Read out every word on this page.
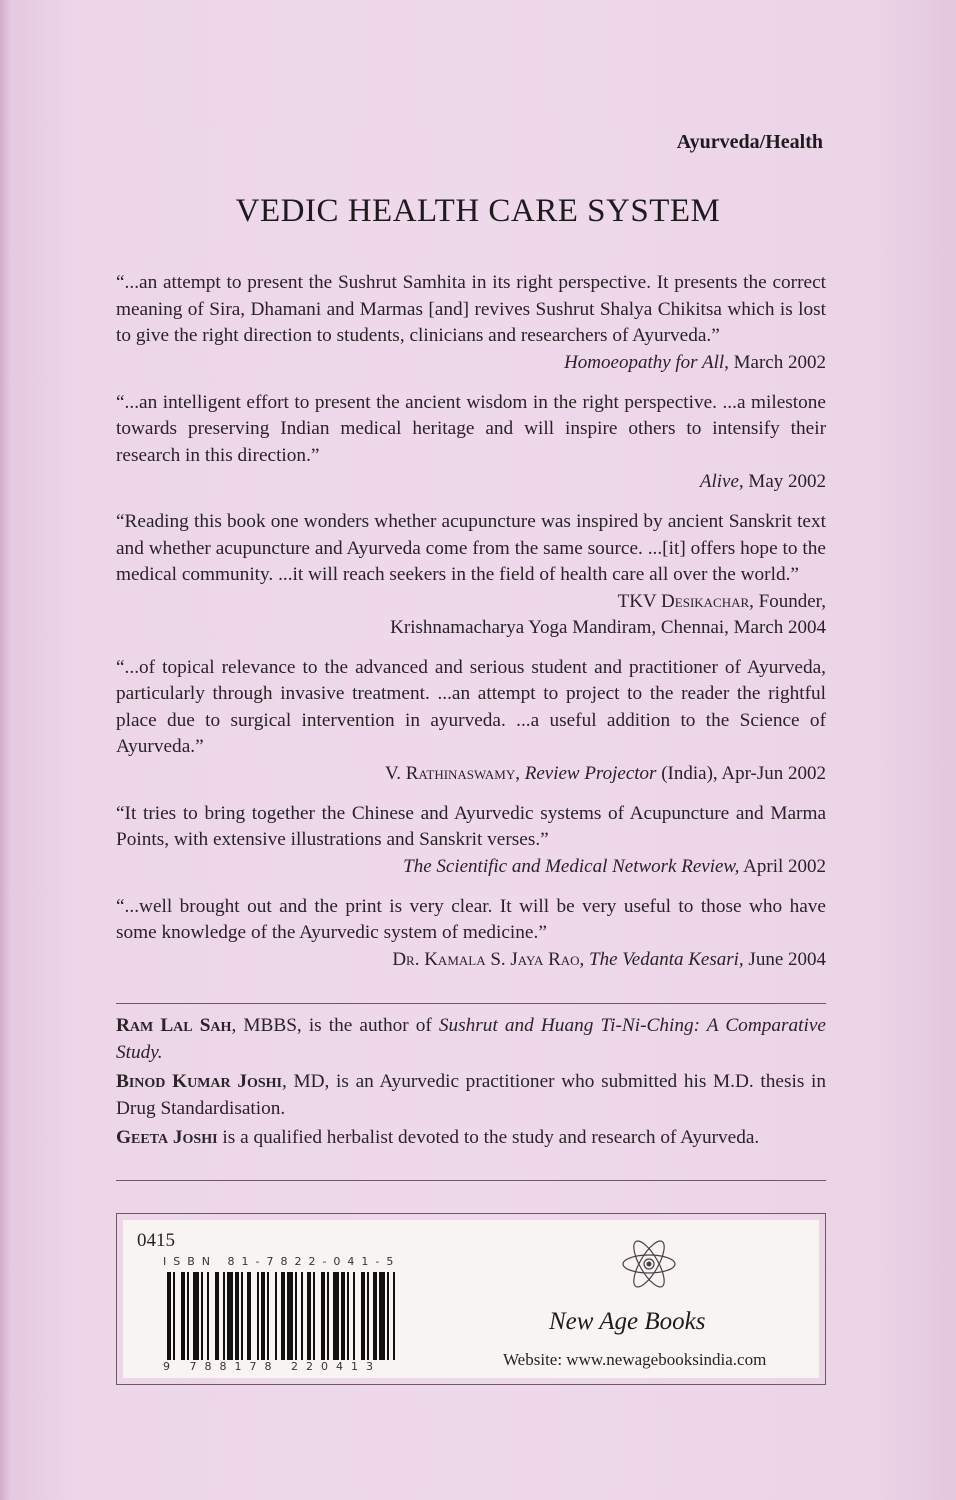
Ayurveda/Health
VEDIC HEALTH CARE SYSTEM
“...an attempt to present the Sushrut Samhita in its right perspective. It presents the correct meaning of Sira, Dhamani and Marmas [and] revives Sushrut Shalya Chikitsa which is lost to give the right direction to students, clinicians and researchers of Ayurveda.”
Homoeopathy for All, March 2002
“...an intelligent effort to present the ancient wisdom in the right perspective. ...a milestone towards preserving Indian medical heritage and will inspire others to intensify their research in this direction.”
Alive, May 2002
“Reading this book one wonders whether acupuncture was inspired by ancient Sanskrit text and whether acupuncture and Ayurveda come from the same source. ...[it] offers hope to the medical community. ...it will reach seekers in the field of health care all over the world.”
TKV Desikachar, Founder,
Krishnamacharya Yoga Mandiram, Chennai, March 2004
“...of topical relevance to the advanced and serious student and practitioner of Ayurveda, particularly through invasive treatment. ...an attempt to project to the reader the rightful place due to surgical intervention in ayurveda. ...a useful addition to the Science of Ayurveda.”
V. Rathinaswamy, Review Projector (India), Apr-Jun 2002
“It tries to bring together the Chinese and Ayurvedic systems of Acupuncture and Marma Points, with extensive illustrations and Sanskrit verses.”
The Scientific and Medical Network Review, April 2002
“...well brought out and the print is very clear. It will be very useful to those who have some knowledge of the Ayurvedic system of medicine.”
Dr. Kamala S. Jaya Rao, The Vedanta Kesari, June 2004
Ram Lal Sah, MBBS, is the author of Sushrut and Huang Ti-Ni-Ching: A Comparative Study.
Binod Kumar Joshi, MD, is an Ayurvedic practitioner who submitted his M.D. thesis in Drug Standardisation.
Geeta Joshi is a qualified herbalist devoted to the study and research of Ayurveda.
0415
ISBN 81-7822-041-5
9 788178 220413
New Age Books
Website: www.newagebooksindia.com
